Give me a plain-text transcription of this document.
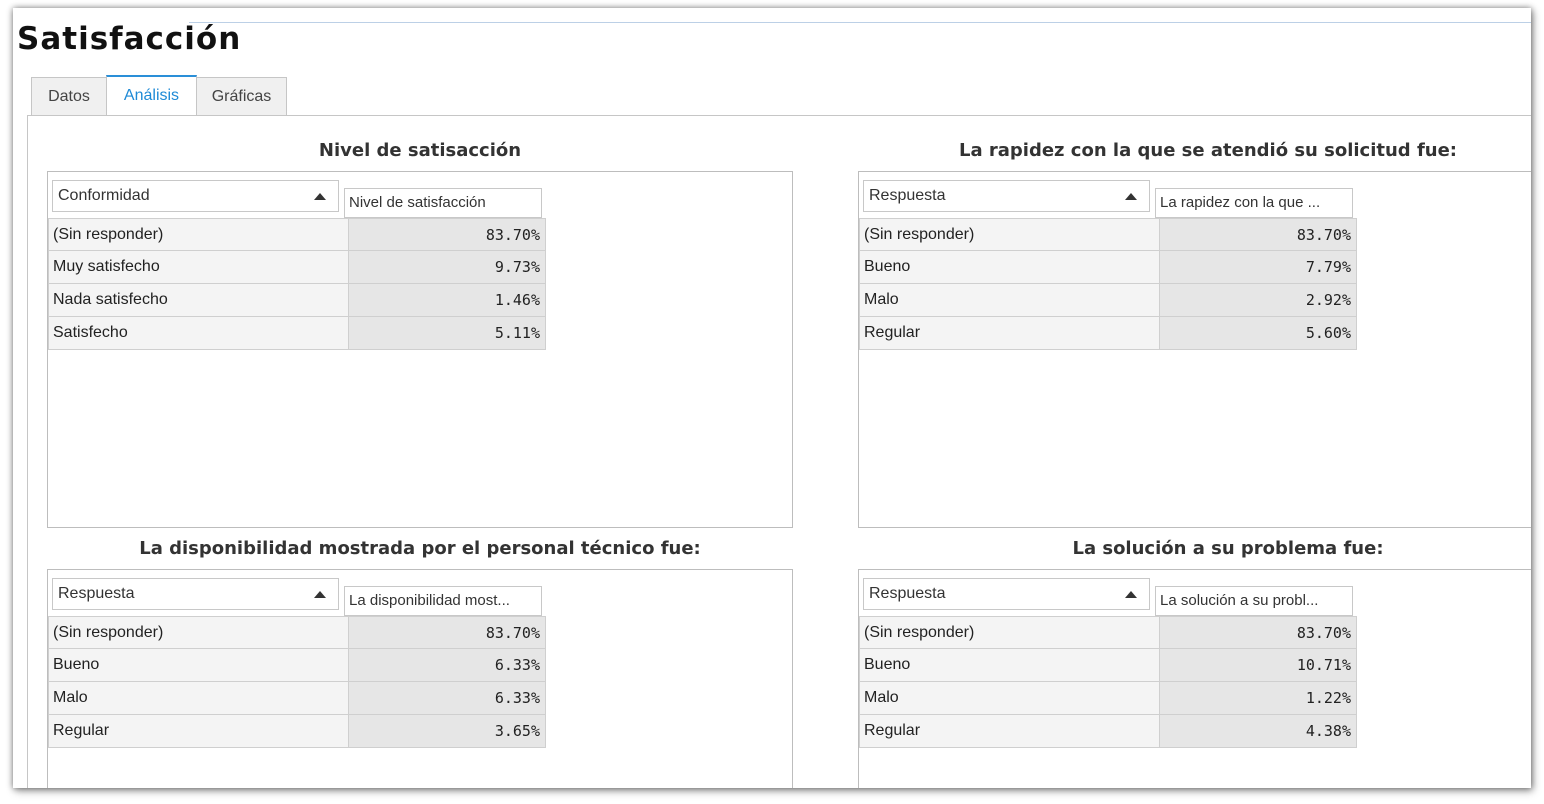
Satisfacción
Datos	Análisis	Gráficas
Nivel de satisacción
Conformidad	Nivel de satisfacción
(Sin responder)	83.70%
Muy satisfecho	9.73%
Nada satisfecho	1.46%
Satisfecho	5.11%
La rapidez con la que se atendió su solicitud fue:
Respuesta	La rapidez con la que ...
(Sin responder)	83.70%
Bueno	7.79%
Malo	2.92%
Regular	5.60%
La disponibilidad mostrada por el personal técnico fue:
Respuesta	La disponibilidad most...
(Sin responder)	83.70%
Bueno	6.33%
Malo	6.33%
Regular	3.65%
La solución a su problema fue:
Respuesta	La solución a su probl...
(Sin responder)	83.70%
Bueno	10.71%
Malo	1.22%
Regular	4.38%
